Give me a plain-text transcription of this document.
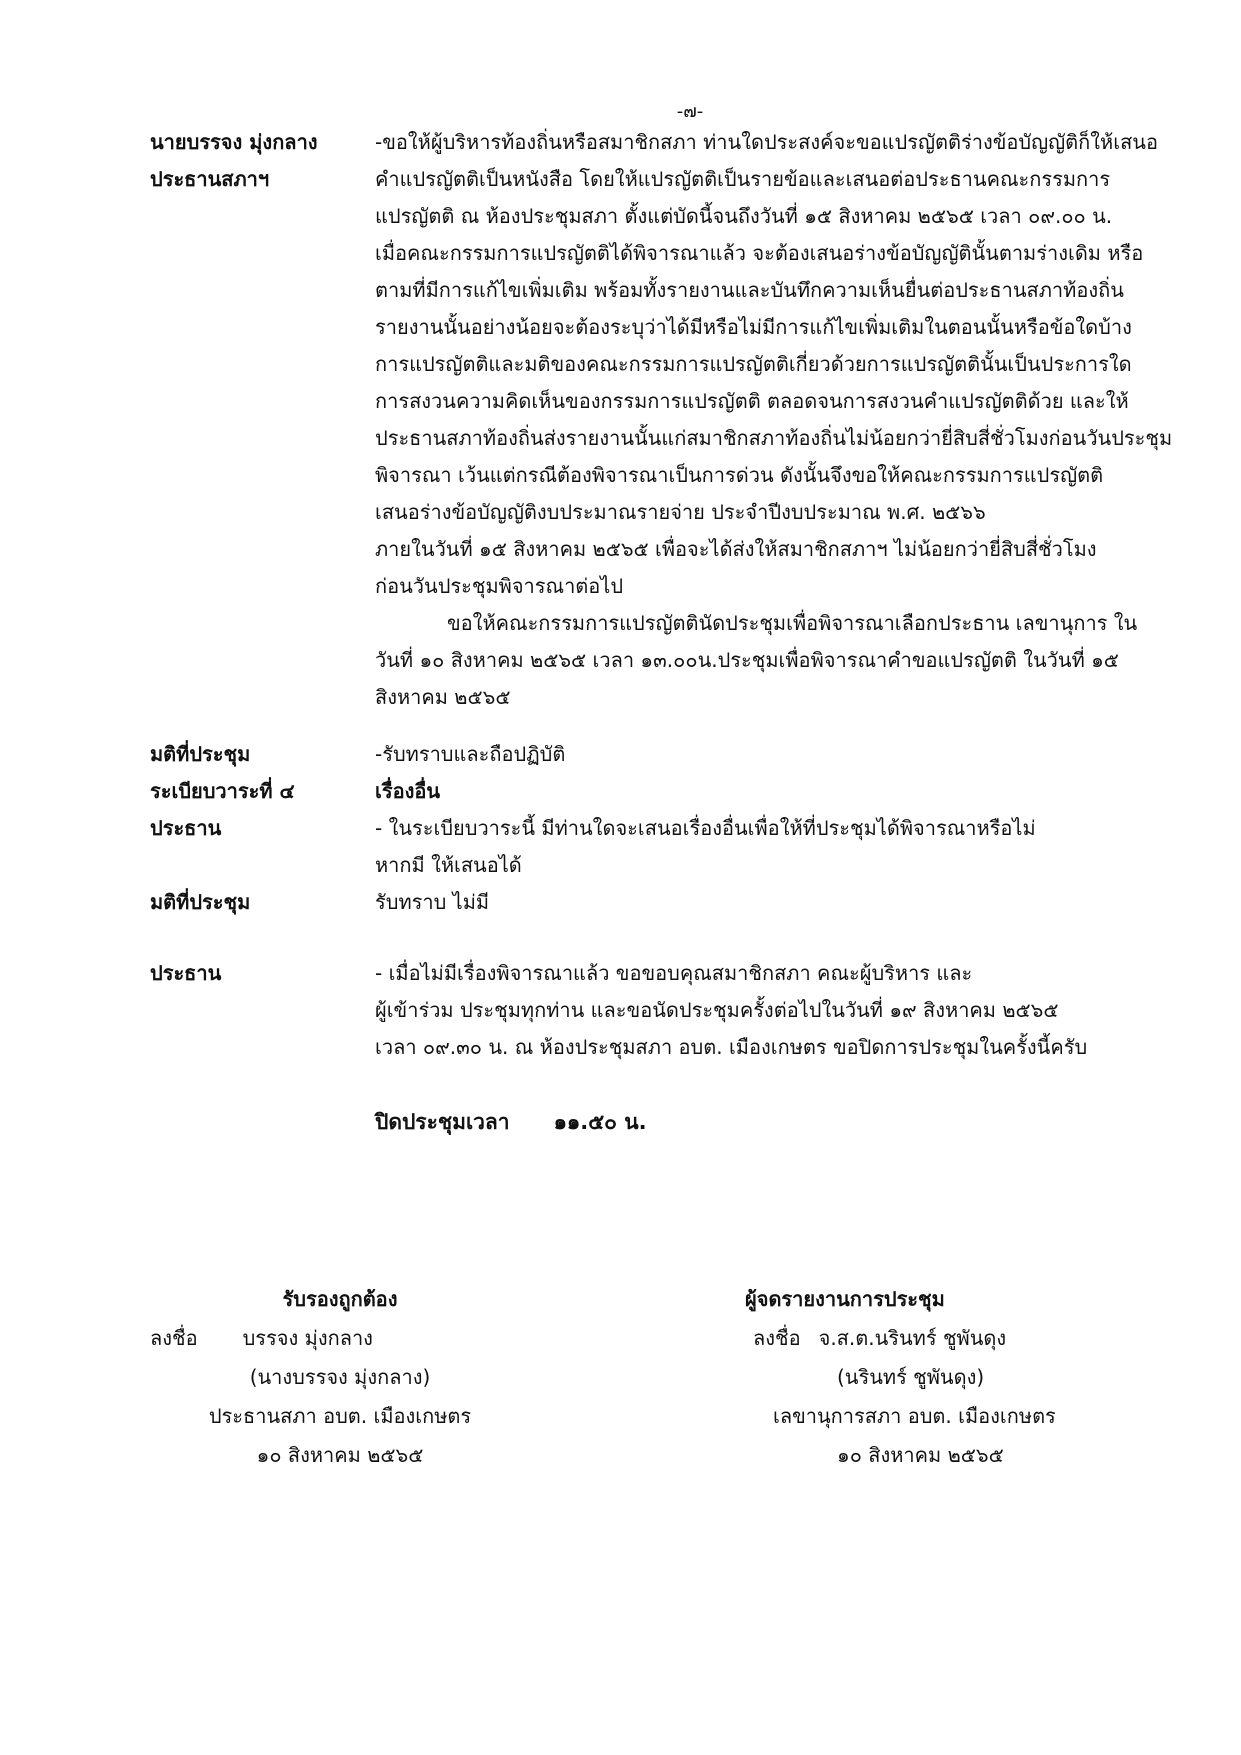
-๗-
นายบรรจง มุ่งกลาง
ประธานสภาฯ
-ขอให้ผู้บริหารท้องถิ่นหรือสมาชิกสภา ท่านใดประสงค์จะขอแปรญัตติร่างข้อบัญญัติก็ให้เสนอ
คำแปรญัตติเป็นหนังสือ โดยให้แปรญัตติเป็นรายข้อและเสนอต่อประธานคณะกรรมการ
แปรญัตติ ณ ห้องประชุมสภา ตั้งแต่บัดนี้จนถึงวันที่ ๑๕ สิงหาคม ๒๕๖๕ เวลา ๐๙.๐๐ น.
เมื่อคณะกรรมการแปรญัตติได้พิจารณาแล้ว จะต้องเสนอร่างข้อบัญญัตินั้นตามร่างเดิม หรือ
ตามที่มีการแก้ไขเพิ่มเติม พร้อมทั้งรายงานและบันทึกความเห็นยื่นต่อประธานสภาท้องถิ่น
รายงานนั้นอย่างน้อยจะต้องระบุว่าได้มีหรือไม่มีการแก้ไขเพิ่มเติมในตอนนั้นหรือข้อใดบ้าง
การแปรญัตติและมติของคณะกรรมการแปรญัตติเกี่ยวด้วยการแปรญัตตินั้นเป็นประการใด
การสงวนความคิดเห็นของกรรมการแปรญัตติ ตลอดจนการสงวนคำแปรญัตติด้วย และให้
ประธานสภาท้องถิ่นส่งรายงานนั้นแก่สมาชิกสภาท้องถิ่นไม่น้อยกว่ายี่สิบสี่ชั่วโมงก่อนวันประชุม
พิจารณา เว้นแต่กรณีต้องพิจารณาเป็นการด่วน ดังนั้นจึงขอให้คณะกรรมการแปรญัตติ
เสนอร่างข้อบัญญัติงบประมาณรายจ่าย ประจำปีงบประมาณ พ.ศ. ๒๕๖๖
ภายในวันที่ ๑๕ สิงหาคม ๒๕๖๕ เพื่อจะได้ส่งให้สมาชิกสภาฯ ไม่น้อยกว่ายี่สิบสี่ชั่วโมง
ก่อนวันประชุมพิจารณาต่อไป
ขอให้คณะกรรมการแปรญัตตินัดประชุมเพื่อพิจารณาเลือกประธาน เลขานุการ ใน
วันที่ ๑๐ สิงหาคม ๒๕๖๕ เวลา ๑๓.๐๐น.ประชุมเพื่อพิจารณาคำขอแปรญัตติ ในวันที่ ๑๕
สิงหาคม ๒๕๖๕
มติที่ประชุม	-รับทราบและถือปฏิบัติ
ระเบียบวาระที่ ๔	เรื่องอื่น
ประธาน	- ในระเบียบวาระนี้ มีท่านใดจะเสนอเรื่องอื่นเพื่อให้ที่ประชุมได้พิจารณาหรือไม่
หากมี ให้เสนอได้
มติที่ประชุม	รับทราบ ไม่มี
ประธาน	- เมื่อไม่มีเรื่องพิจารณาแล้ว ขอขอบคุณสมาชิกสภา คณะผู้บริหาร และ
ผู้เข้าร่วม ประชุมทุกท่าน และขอนัดประชุมครั้งต่อไปในวันที่ ๑๙ สิงหาคม ๒๕๖๕
เวลา ๐๙.๓๐ น. ณ ห้องประชุมสภา อบต. เมืองเกษตร ขอปิดการประชุมในครั้งนี้ครับ
ปิดประชุมเวลา ๑๑.๕๐ น.
รับรองถูกต้อง
ลงชื่อ บรรจง มุ่งกลาง
(นางบรรจง มุ่งกลาง)
ประธานสภา อบต. เมืองเกษตร
๑๐ สิงหาคม ๒๕๖๕
ผู้จดรายงานการประชุม
ลงชื่อ จ.ส.ต.นรินทร์ ชูพันดุง
(นรินทร์ ชูพันดุง)
เลขานุการสภา อบต. เมืองเกษตร
๑๐ สิงหาคม ๒๕๖๕
